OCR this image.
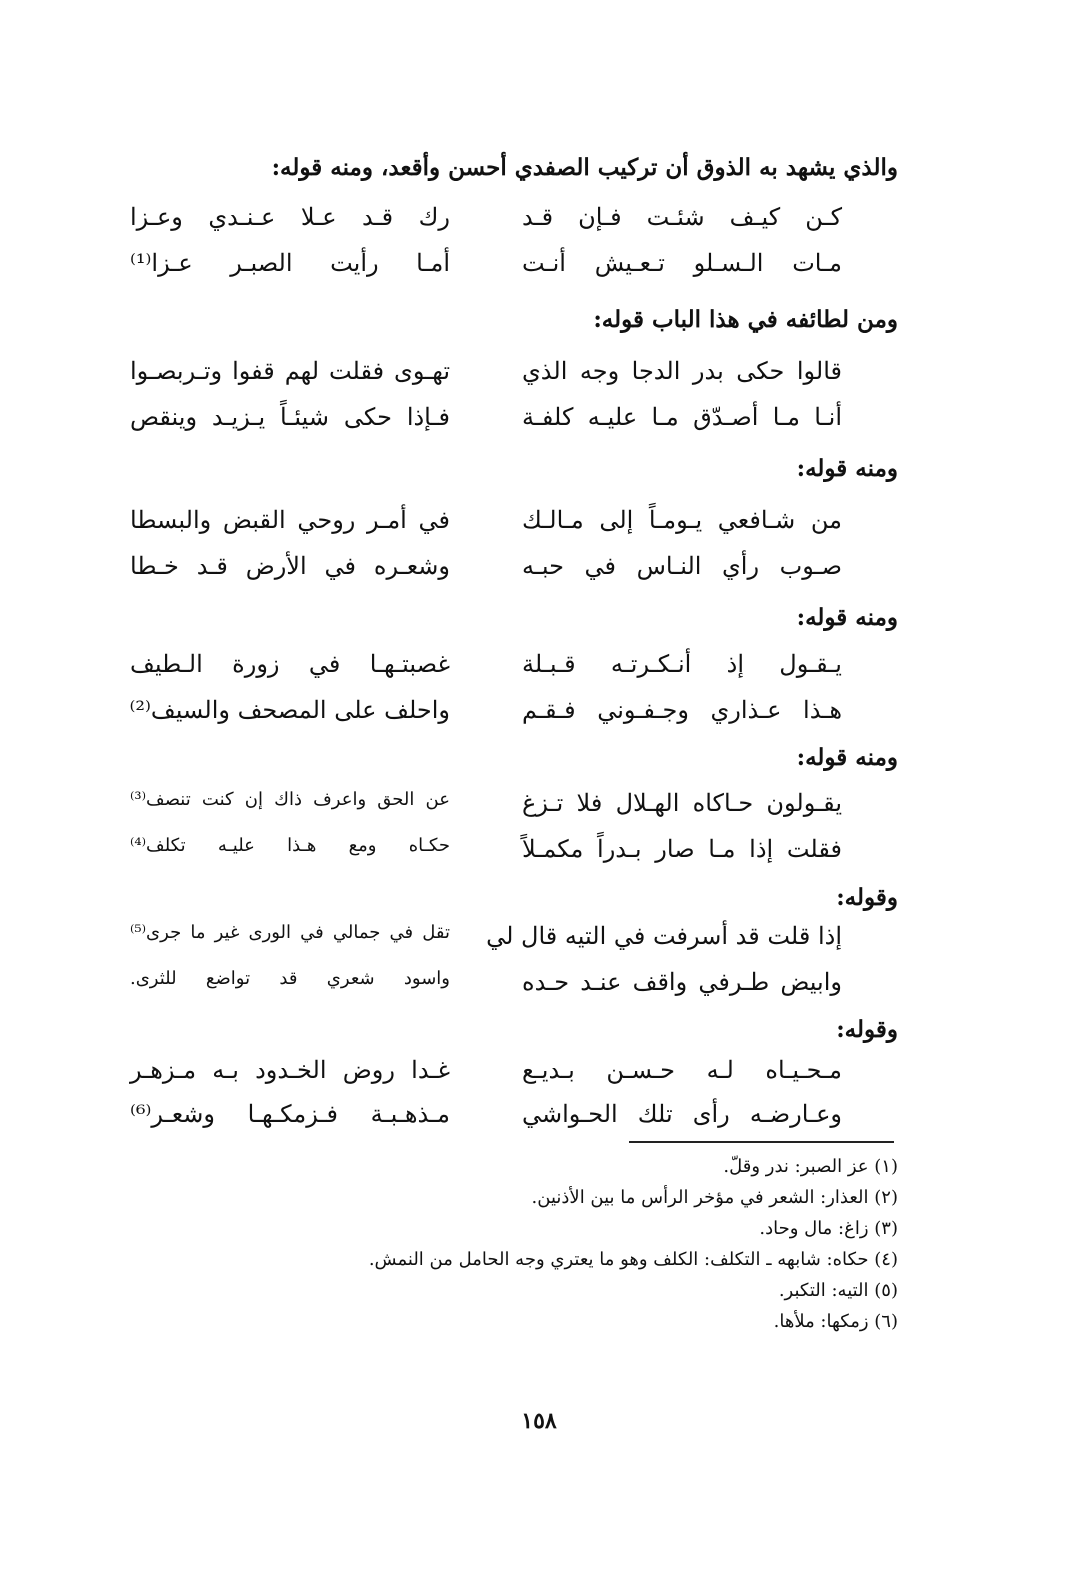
والذي يشهد به الذوق أن تركيب الصفدي أحسن وأقعد، ومنه قوله:
كـن كيـف شئـت فـإن قـد
رك قـد عـلا عـنـدي وعـزا
مـات الـسـلو تـعـيش أنـت
أمـا رأيت الصبـر عـزا⁽¹⁾
ومن لطائفه في هذا الباب قوله:
قالوا حكى بدر الدجا وجه الذي
تهـوى فقلت لهم قفوا وتـربصـوا
أنـا مـا أصـدّق مـا عليـه كلفـة
فـإذا حكى شيئـاً يـزيـد وينقص
ومنه قوله:
من شـافعي يـومـاً إلى مـالـك
في أمـر روحي القبض والبسطا
صـوب رأي النـاس في حبـه
وشعـره في الأرض قـد خـطا
ومنه قوله:
يـقـول إذ أنـكـرتـه قـبـلة
غصبتـهـا في زورة الـطيف
هـذا عـذاري وجـفـوني فـقـم
واحلف على المصحف والسيف⁽²⁾
ومنه قوله:
يقـولون حـاكاه الهـلال فلا تـزغ
عن الحق واعرف ذاك إن كنت تنصف⁽³⁾
فقلت إذا مـا صار بـدراً مكمـلاً
حكـاه ومع هـذا عليـه تكلف⁽⁴⁾
وقوله:
إذا قلت قد أسرفت في التيه قال لي
تقل في جمالي في الورى غير ما جرى⁽⁵⁾
وابيض طـرفي واقف عنـد حـده
واسود شعري قد تواضع للثرى.
وقوله:
مـحـيـاه لـه حـسـن بـديـع
غـدا روض الخـدود بـه مـزهـر
وعـارضـه رأى تلك الحـواشي
مـذهـبـة فـزمكـهـا وشعـر⁽⁶⁾
(١) عز الصبر: ندر وقلّ.
(٢) العذار: الشعر في مؤخر الرأس ما بين الأذنين.
(٣) زاغ: مال وحاد.
(٤) حكاه: شابهه ـ التكلف: الكلف وهو ما يعتري وجه الحامل من النمش.
(٥) التيه: التكبر.
(٦) زمكها: ملأها.
١٥٨
